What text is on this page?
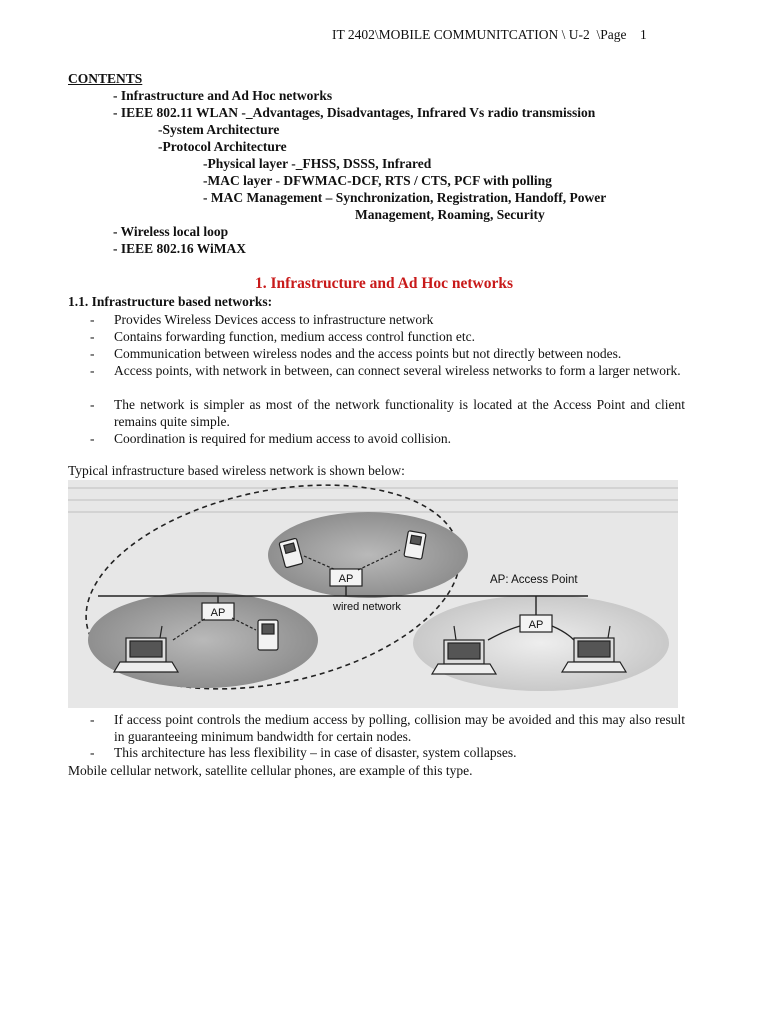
IT 2402\MOBILE COMMUNITCATION \ U-2  \Page    1
CONTENTS
- Infrastructure and Ad Hoc networks
- IEEE 802.11 WLAN -_Advantages, Disadvantages, Infrared Vs radio transmission
-System Architecture
-Protocol Architecture
-Physical layer -_FHSS, DSSS, Infrared
-MAC layer - DFWMAC-DCF, RTS / CTS, PCF with polling
- MAC Management – Synchronization, Registration, Handoff, Power
Management, Roaming, Security
- Wireless local loop
- IEEE 802.16 WiMAX
1. Infrastructure and Ad Hoc networks
1.1. Infrastructure based networks:
- Provides Wireless Devices access to infrastructure network
- Contains forwarding function, medium access control function etc.
- Communication between wireless nodes and the access points but not directly between nodes.
- Access points, with network in between, can connect several wireless networks to form a larger network.
- The network is simpler as most of the network functionality is located at the Access Point and client remains quite simple.
- Coordination is required for medium access to avoid collision.
Typical infrastructure based wireless network is shown below:
AP
AP
AP
wired network
AP: Access Point
- If access point controls the medium access by polling, collision may be avoided and this may also result in guaranteeing minimum bandwidth for certain nodes.
- This architecture has less flexibility – in case of disaster, system collapses.
Mobile cellular network, satellite cellular phones, are example of this type.
